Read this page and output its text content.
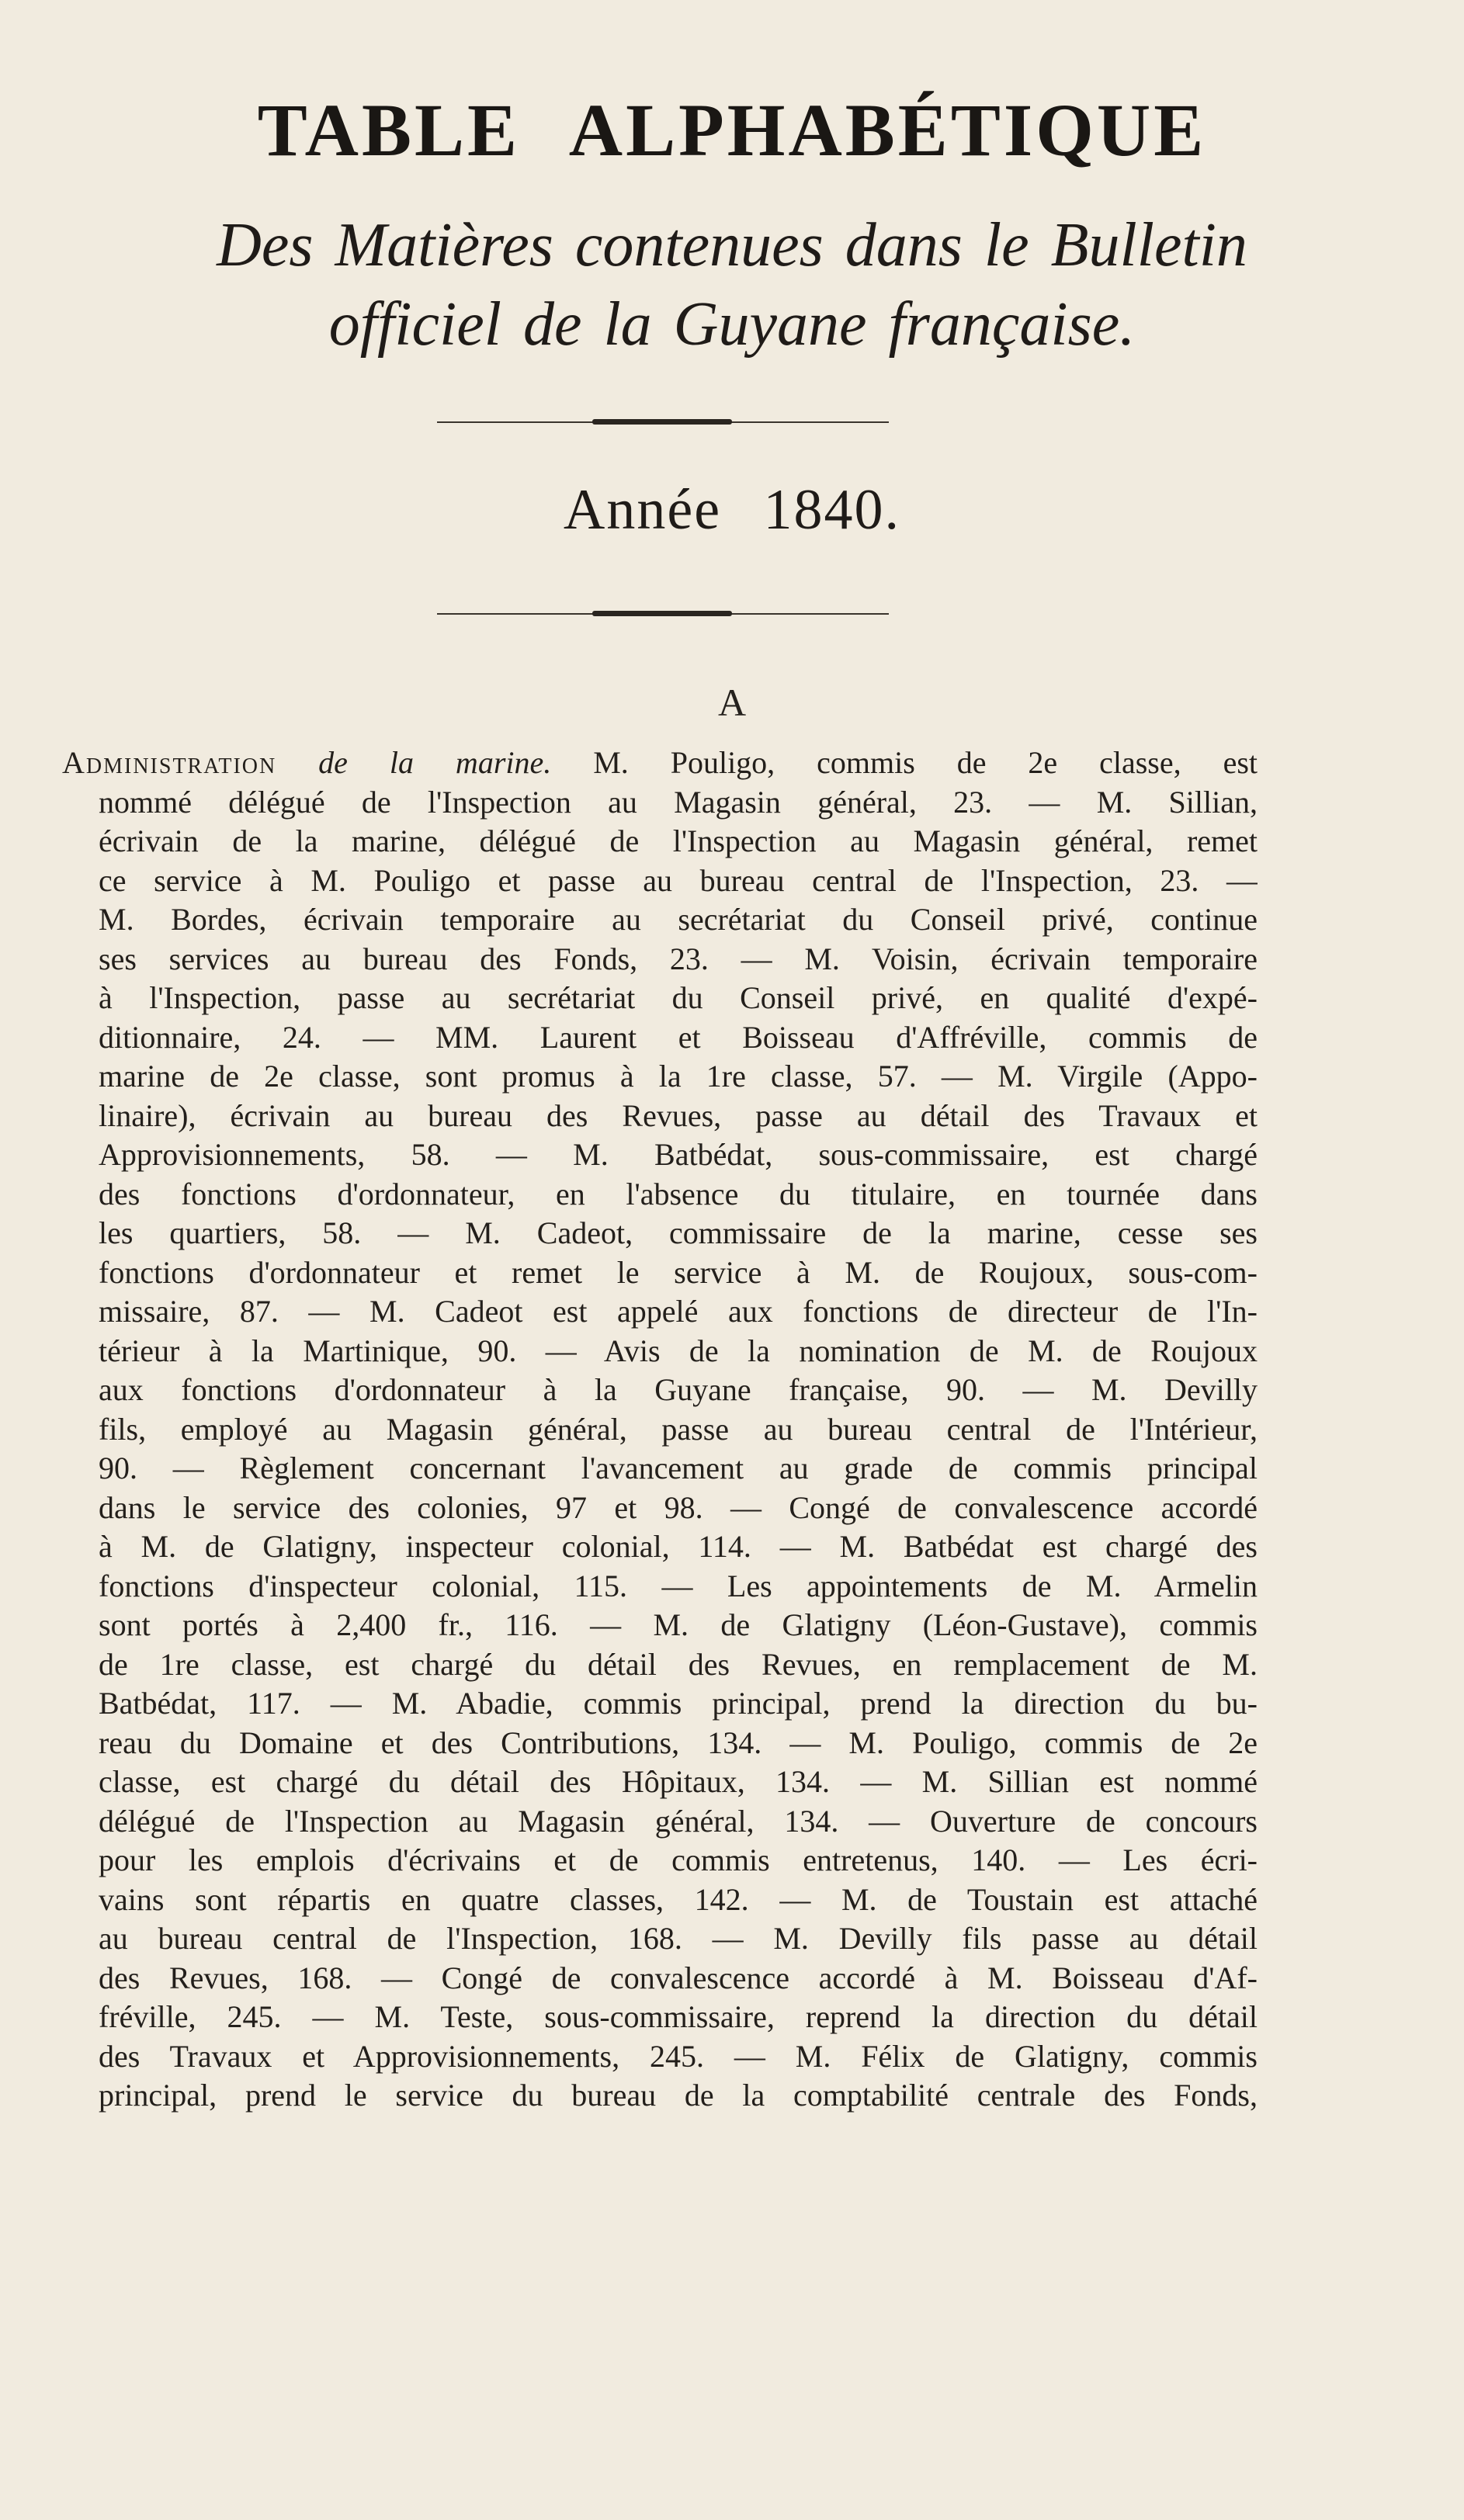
TABLE ALPHABÉTIQUE
Des Matières contenues dans le Bulletin
officiel de la Guyane française.
Année 1840.
A
Administration de la marine. M. Pouligo, commis de 2e classe, est
nommé délégué de l'Inspection au Magasin général, 23. — M. Sillian,
écrivain de la marine, délégué de l'Inspection au Magasin général, remet
ce service à M. Pouligo et passe au bureau central de l'Inspection, 23. —
M. Bordes, écrivain temporaire au secrétariat du Conseil privé, continue
ses services au bureau des Fonds, 23. — M. Voisin, écrivain temporaire
à l'Inspection, passe au secrétariat du Conseil privé, en qualité d'expé-
ditionnaire, 24. — MM. Laurent et Boisseau d'Affréville, commis de
marine de 2e classe, sont promus à la 1re classe, 57. — M. Virgile (Appo-
linaire), écrivain au bureau des Revues, passe au détail des Travaux et
Approvisionnements, 58. — M. Batbédat, sous-commissaire, est chargé
des fonctions d'ordonnateur, en l'absence du titulaire, en tournée dans
les quartiers, 58. — M. Cadeot, commissaire de la marine, cesse ses
fonctions d'ordonnateur et remet le service à M. de Roujoux, sous-com-
missaire, 87. — M. Cadeot est appelé aux fonctions de directeur de l'In-
térieur à la Martinique, 90. — Avis de la nomination de M. de Roujoux
aux fonctions d'ordonnateur à la Guyane française, 90. — M. Devilly
fils, employé au Magasin général, passe au bureau central de l'Intérieur,
90. — Règlement concernant l'avancement au grade de commis principal
dans le service des colonies, 97 et 98. — Congé de convalescence accordé
à M. de Glatigny, inspecteur colonial, 114. — M. Batbédat est chargé des
fonctions d'inspecteur colonial, 115. — Les appointements de M. Armelin
sont portés à 2,400 fr., 116. — M. de Glatigny (Léon-Gustave), commis
de 1re classe, est chargé du détail des Revues, en remplacement de M.
Batbédat, 117. — M. Abadie, commis principal, prend la direction du bu-
reau du Domaine et des Contributions, 134. — M. Pouligo, commis de 2e
classe, est chargé du détail des Hôpitaux, 134. — M. Sillian est nommé
délégué de l'Inspection au Magasin général, 134. — Ouverture de concours
pour les emplois d'écrivains et de commis entretenus, 140. — Les écri-
vains sont répartis en quatre classes, 142. — M. de Toustain est attaché
au bureau central de l'Inspection, 168. — M. Devilly fils passe au détail
des Revues, 168. — Congé de convalescence accordé à M. Boisseau d'Af-
fréville, 245. — M. Teste, sous-commissaire, reprend la direction du détail
des Travaux et Approvisionnements, 245. — M. Félix de Glatigny, commis
principal, prend le service du bureau de la comptabilité centrale des Fonds,
